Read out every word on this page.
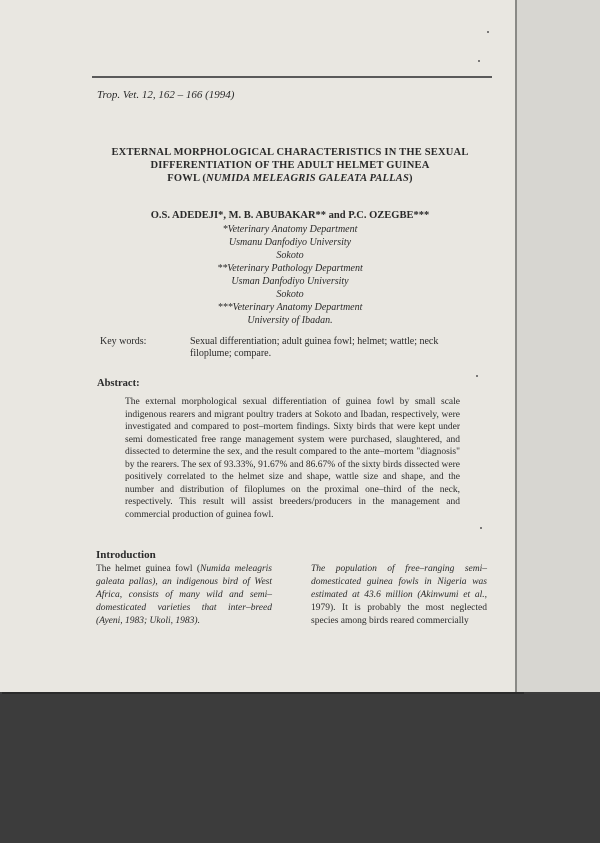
Trop. Vet. 12, 162 – 166 (1994)
EXTERNAL MORPHOLOGICAL CHARACTERISTICS IN THE SEXUAL
DIFFERENTIATION OF THE ADULT HELMET GUINEA
FOWL (NUMIDA MELEAGRIS GALEATA PALLAS)
O.S. ADEDEJI*, M. B. ABUBAKAR** and P.C. OZEGBE***
*Veterinary Anatomy Department
Usmanu Danfodiyo University
Sokoto
**Veterinary Pathology Department
Usman Danfodiyo University
Sokoto
***Veterinary Anatomy Department
University of Ibadan.
Key words:	Sexual differentiation; adult guinea fowl; helmet; wattle; neck filoplume; compare.
Abstract:
The external morphological sexual differentiation of guinea fowl by small scale indigenous rearers and migrant poultry traders at Sokoto and Ibadan, respectively, were investigated and compared to post–mortem findings. Sixty birds that were kept under semi domesticated free range management system were purchased, slaughtered, and dissected to determine the sex, and the result compared to the ante–mortem "diagnosis" by the rearers. The sex of 93.33%, 91.67% and 86.67% of the sixty birds dissected were positively correlated to the helmet size and shape, wattle size and shape, and the number and distribution of filoplumes on the proximal one–third of the neck, respectively. This result will assist breeders/producers in the management and commercial production of guinea fowl.
Introduction
The helmet guinea fowl (Numida meleagris galeata pallas), an indigenous bird of West Africa, consists of many wild and semi–domesticated varieties that inter–breed (Ayeni, 1983; Ukoli, 1983).
The population of free–ranging semi–domesticated guinea fowls in Nigeria was estimated at 43.6 million (Akinwumi et al., 1979). It is probably the most neglected species among birds reared commercially
